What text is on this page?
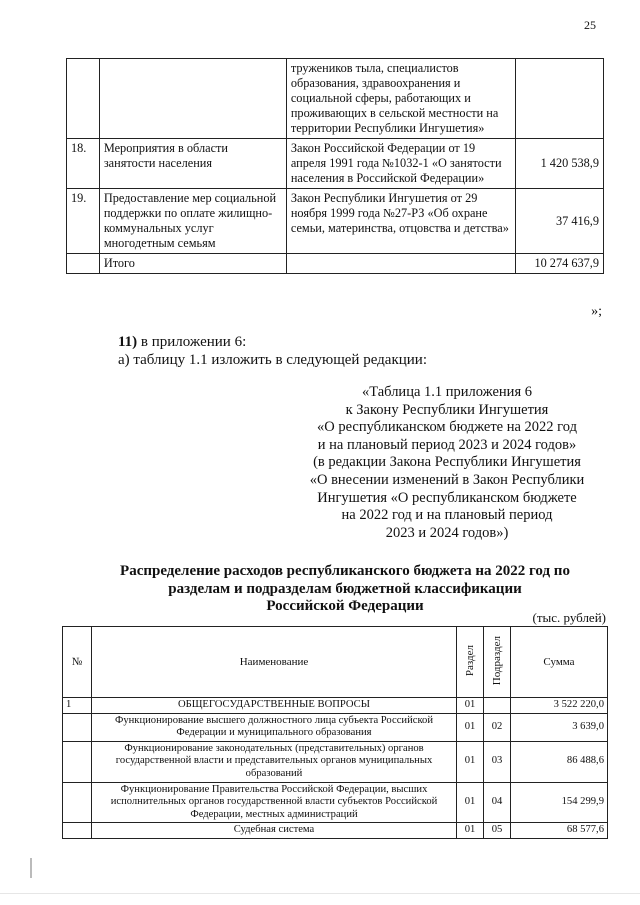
25
		тружеников тыла, специалистов образования, здравоохранения и социальной сферы, работающих и проживающих в сельской местности на территории Республики Ингушетия»	
18.	Мероприятия в области занятости населения	Закон Российской Федерации от 19 апреля 1991 года №1032-1 «О занятости населения в Российской Федерации»	1 420 538,9
19.	Предоставление мер социальной поддержки по оплате жилищно-коммунальных услуг многодетным семьям	Закон Республики Ингушетия от 29 ноября 1999 года №27-РЗ «Об охране семьи, материнства, отцовства и детства»	37 416,9
	Итого		10 274 637,9
»;
11) в приложении 6:
а) таблицу 1.1 изложить в следующей редакции:
«Таблица 1.1 приложения 6
к Закону Республики Ингушетия
«О республиканском бюджете на 2022 год
и на плановый период 2023 и 2024 годов»
(в редакции Закона Республики Ингушетия
«О внесении изменений в Закон Республики
Ингушетия «О республиканском бюджете
на 2022 год и на плановый период
2023 и 2024 годов»)
Распределение расходов республиканского бюджета на 2022 год по
разделам и подразделам бюджетной классификации
Российской Федерации
(тыс. рублей)
№	Наименование	Раздел	Подраздел	Сумма
1	ОБЩЕГОСУДАРСТВЕННЫЕ ВОПРОСЫ	01		3 522 220,0
	Функционирование высшего должностного лица субъекта Российской Федерации и муниципального образования	01	02	3 639,0
	Функционирование законодательных (представительных) органов государственной власти и представительных органов муниципальных образований	01	03	86 488,6
	Функционирование Правительства Российской Федерации, высших исполнительных органов государственной власти субъектов Российской Федерации, местных администраций	01	04	154 299,9
	Судебная система	01	05	68 577,6
